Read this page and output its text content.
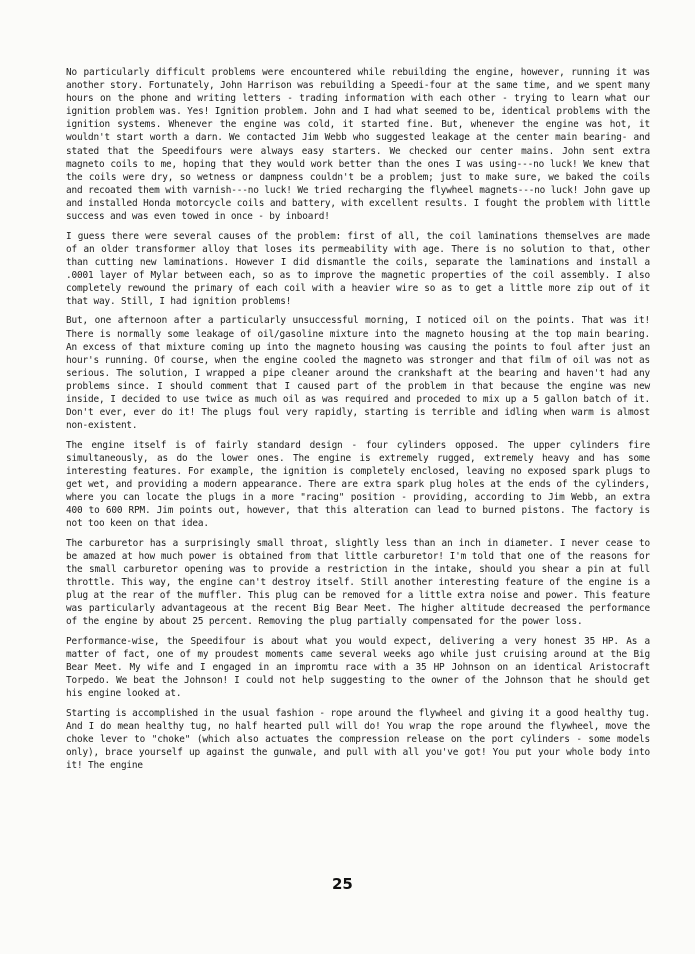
No particularly difficult problems were encountered while rebuilding the engine, however, running it was another story. Fortunately, John Harrison was rebuilding a Speedi-four at the same time, and we spent many hours on the phone and writing letters - trading information with each other - trying to learn what our ignition problem was. Yes! Ignition problem. John and I had what seemed to be, identical problems with the ignition systems. Whenever the engine was cold, it started fine. But, whenever the engine was hot, it wouldn't start worth a darn. We contacted Jim Webb who suggested leakage at the center main bearing- and stated that the Speedifours were always easy starters. We checked our center mains. John sent extra magneto coils to me, hoping that they would work better than the ones I was using---no luck! We knew that the coils were dry, so wetness or dampness couldn't be a problem; just to make sure, we baked the coils and recoated them with varnish---no luck! We tried recharging the flywheel magnets---no luck! John gave up and installed Honda motorcycle coils and battery, with excellent results. I fought the problem with little success and was even towed in once - by inboard!

I guess there were several causes of the problem: first of all, the coil laminations themselves are made of an older transformer alloy that loses its permeability with age. There is no solution to that, other than cutting new laminations. However I did dismantle the coils, separate the laminations and install a .0001 layer of Mylar between each, so as to improve the magnetic properties of the coil assembly. I also completely rewound the primary of each coil with a heavier wire so as to get a little more zip out of it that way. Still, I had ignition problems!

But, one afternoon after a particularly unsuccessful morning, I noticed oil on the points. That was it! There is normally some leakage of oil/gasoline mixture into the magneto housing at the top main bearing. An excess of that mixture coming up into the magneto housing was causing the points to foul after just an hour's running. Of course, when the engine cooled the magneto was stronger and that film of oil was not as serious. The solution, I wrapped a pipe cleaner around the crankshaft at the bearing and haven't had any problems since. I should comment that I caused part of the problem in that because the engine was new inside, I decided to use twice as much oil as was required and proceded to mix up a 5 gallon batch of it. Don't ever, ever do it! The plugs foul very rapidly, starting is terrible and idling when warm is almost non-existent.

The engine itself is of fairly standard design - four cylinders opposed. The upper cylinders fire simultaneously, as do the lower ones. The engine is extremely rugged, extremely heavy and has some interesting features. For example, the ignition is completely enclosed, leaving no exposed spark plugs to get wet, and providing a modern appearance. There are extra spark plug holes at the ends of the cylinders, where you can locate the plugs in a more "racing" position - providing, according to Jim Webb, an extra 400 to 600 RPM. Jim points out, however, that this alteration can lead to burned pistons. The factory is not too keen on that idea.

The carburetor has a surprisingly small throat, slightly less than an inch in diameter. I never cease to be amazed at how much power is obtained from that little carburetor! I'm told that one of the reasons for the small carburetor opening was to provide a restriction in the intake, should you shear a pin at full throttle. This way, the engine can't destroy itself. Still another interesting feature of the engine is a plug at the rear of the muffler. This plug can be removed for a little extra noise and power. This feature was particularly advantageous at the recent Big Bear Meet. The higher altitude decreased the performance of the engine by about 25 percent. Removing the plug partially compensated for the power loss.

Performance-wise, the Speedifour is about what you would expect, delivering a very honest 35 HP. As a matter of fact, one of my proudest moments came several weeks ago while just cruising around at the Big Bear Meet. My wife and I engaged in an impromtu race with a 35 HP Johnson on an identical Aristocraft Torpedo. We beat the Johnson! I could not help suggesting to the owner of the Johnson that he should get his engine looked at.

Starting is accomplished in the usual fashion - rope around the flywheel and giving it a good healthy tug. And I do mean healthy tug, no half hearted pull will do! You wrap the rope around the flywheel, move the choke lever to "choke" (which also actuates the compression release on the port cylinders - some models only), brace yourself up against the gunwale, and pull with all you've got! You put your whole body into it! The engine

25
